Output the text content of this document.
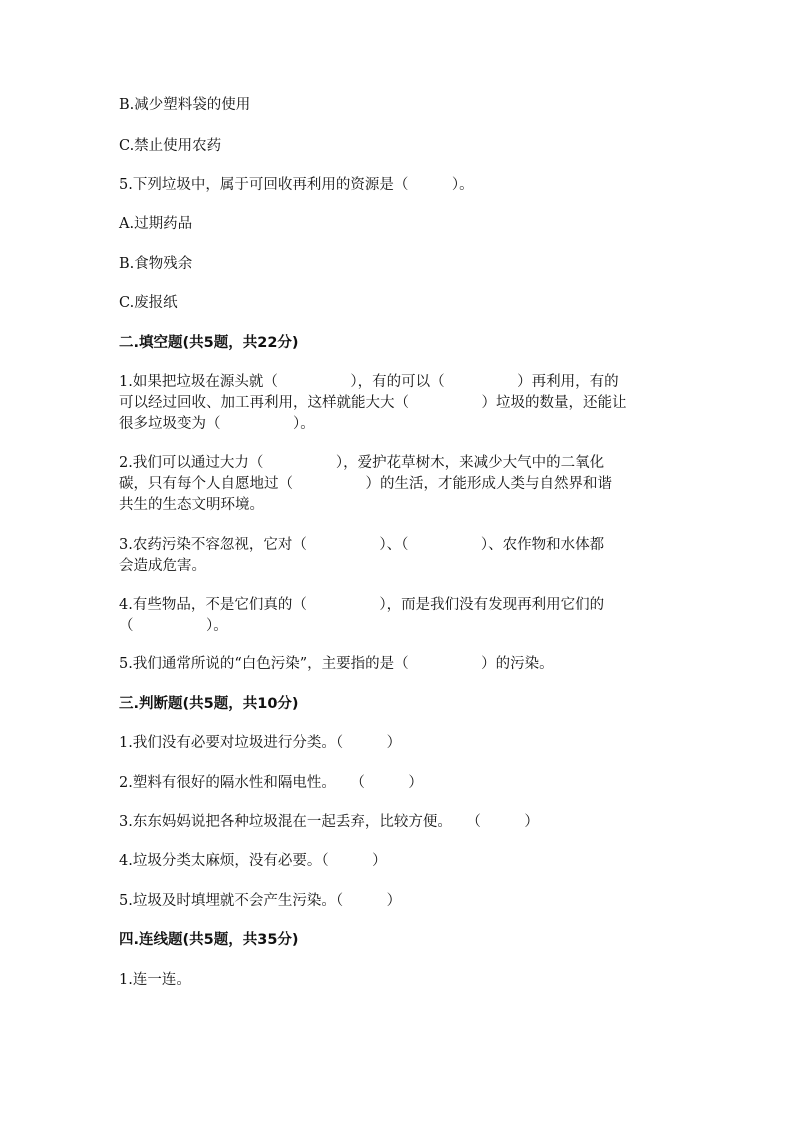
B.减少塑料袋的使用
C.禁止使用农药
5.下列垃圾中，属于可回收再利用的资源是（　　　）。
A.过期药品
B.食物残余
C.废报纸
二.填空题(共5题，共22分)
1.如果把垃圾在源头就（　　　　　），有的可以（　　　　　）再利用，有的
可以经过回收、加工再利用，这样就能大大（　　　　　）垃圾的数量，还能让
很多垃圾变为（　　　　　）。
2.我们可以通过大力（　　　　　），爱护花草树木，来减少大气中的二氧化
碳，只有每个人自愿地过（　　　　　）的生活，才能形成人类与自然界和谐
共生的生态文明环境。
3.农药污染不容忽视，它对（　　　　　）、（　　　　　）、农作物和水体都
会造成危害。
4.有些物品，不是它们真的（　　　　　），而是我们没有发现再利用它们的
（　　　　　）。
5.我们通常所说的“白色污染”，主要指的是（　　　　　）的污染。
三.判断题(共5题，共10分)
1.我们没有必要对垃圾进行分类。（　　　）
2.塑料有很好的隔水性和隔电性。　　（　　　）
3.东东妈妈说把各种垃圾混在一起丢弃，比较方便。　　（　　　）
4.垃圾分类太麻烦，没有必要。（　　　）
5.垃圾及时填埋就不会产生污染。（　　　）
四.连线题(共5题，共35分)
1.连一连。
